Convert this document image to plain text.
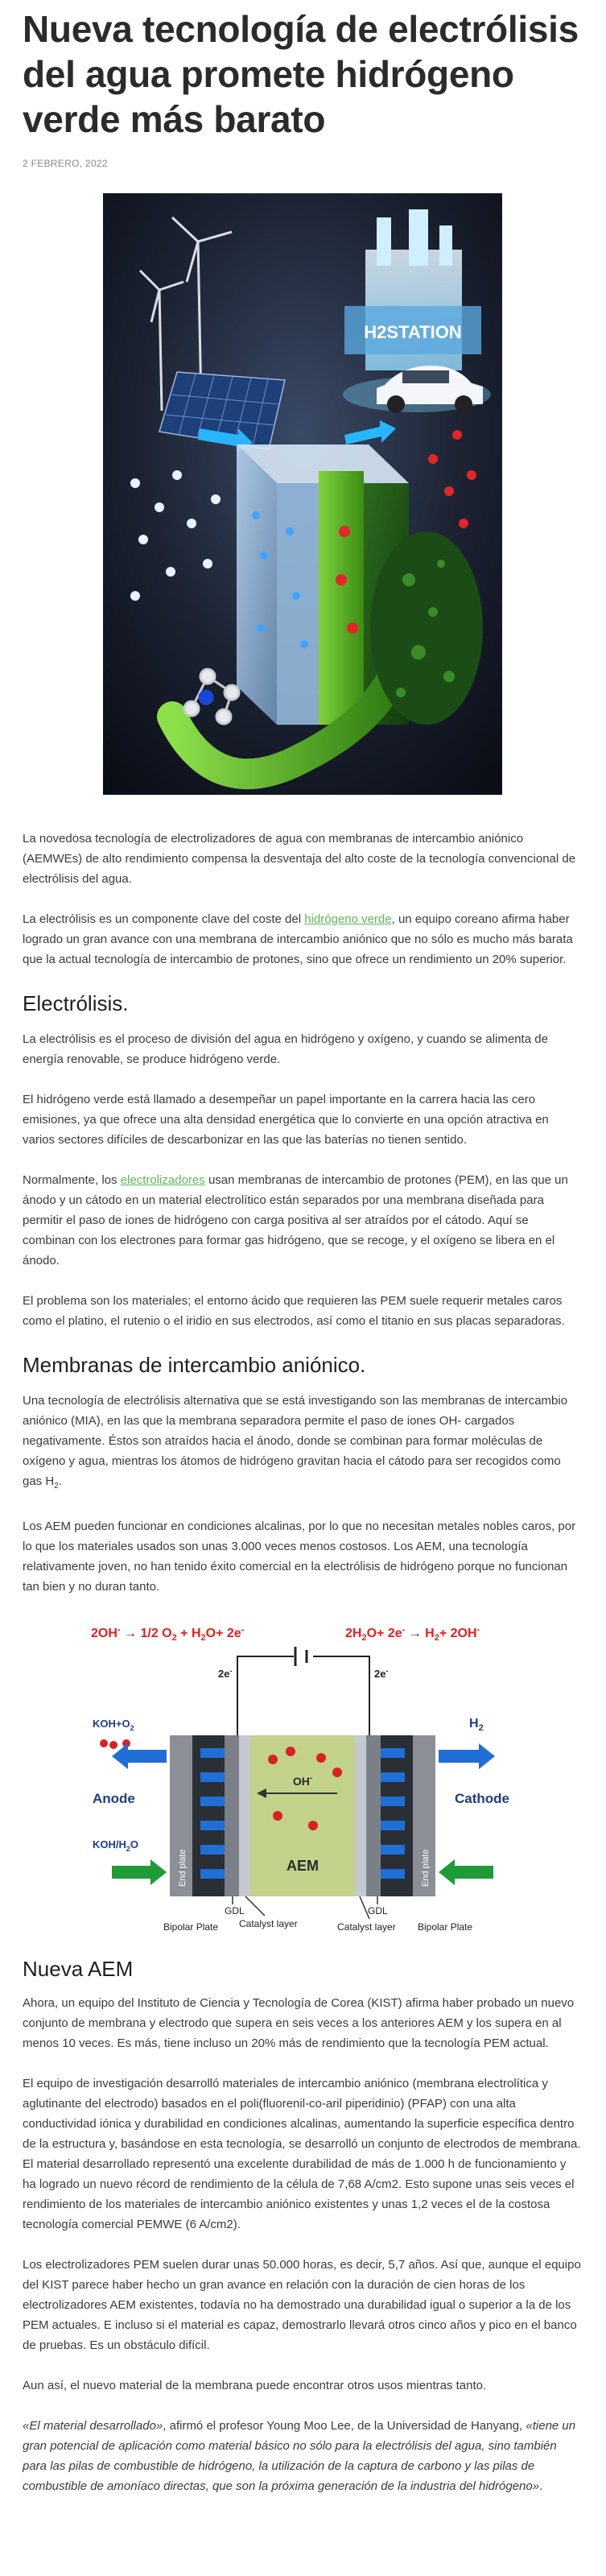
Nueva tecnología de electrólisis del agua promete hidrógeno verde más barato
2 FEBRERO, 2022
H2STATION

La novedosa tecnología de electrolizadores de agua con membranas de intercambio aniónico (AEMWEs) de alto rendimiento compensa la desventaja del alto coste de la tecnología convencional de electrólisis del agua.

La electrólisis es un componente clave del coste del hidrógeno verde, un equipo coreano afirma haber logrado un gran avance con una membrana de intercambio aniónico que no sólo es mucho más barata que la actual tecnología de intercambio de protones, sino que ofrece un rendimiento un 20% superior.

Electrólisis.

La electrólisis es el proceso de división del agua en hidrógeno y oxígeno, y cuando se alimenta de energía renovable, se produce hidrógeno verde.

El hidrógeno verde está llamado a desempeñar un papel importante en la carrera hacia las cero emisiones, ya que ofrece una alta densidad energética que lo convierte en una opción atractiva en varios sectores difíciles de descarbonizar en las que las baterías no tienen sentido.

Normalmente, los electrolizadores usan membranas de intercambio de protones (PEM), en las que un ánodo y un cátodo en un material electrolítico están separados por una membrana diseñada para permitir el paso de iones de hidrógeno con carga positiva al ser atraídos por el cátodo. Aquí se combinan con los electrones para formar gas hidrógeno, que se recoge, y el oxígeno se libera en el ánodo.

El problema son los materiales; el entorno ácido que requieren las PEM suele requerir metales caros como el platino, el rutenio o el iridio en sus electrodos, así como el titanio en sus placas separadoras.

Membranas de intercambio aniónico.

Una tecnología de electrólisis alternativa que se está investigando son las membranas de intercambio aniónico (MIA), en las que la membrana separadora permite el paso de iones OH- cargados negativamente. Éstos son atraídos hacia el ánodo, donde se combinan para formar moléculas de oxígeno y agua, mientras los átomos de hidrógeno gravitan hacia el cátodo para ser recogidos como gas $H_2$.

Los AEM pueden funcionar en condiciones alcalinas, por lo que no necesitan metales nobles caros, por lo que los materiales usados son unas 3.000 veces menos costosos. Los AEM, una tecnología relativamente joven, no han tenido éxito comercial en la electrólisis de hidrógeno porque no funcionan tan bien y no duran tanto.

2OH- → 1/2 $O_2 + H_2O+ 2e^-$	$2H_2O+ 2e^- \to H_2+ 2OH^-$
2e-	2e-
End plate	End plate
OH-
AEM
$KOH+O_2$	$H_2$
Anode	Cathode
KOH/$H_2O$
GDL	GDL
Catalyst layer	Catalyst layer
Bipolar Plate	Bipolar Plate
Nueva AEM

Ahora, un equipo del Instituto de Ciencia y Tecnología de Corea (KIST) afirma haber probado un nuevo conjunto de membrana y electrodo que supera en seis veces a los anteriores AEM y los supera en al menos 10 veces. Es más, tiene incluso un 20% más de rendimiento que la tecnología PEM actual.

El equipo de investigación desarrolló materiales de intercambio aniónico (membrana electrolítica y aglutinante del electrodo) basados en el poli(fluorenil-co-aril piperidinio) (PFAP) con una alta conductividad iónica y durabilidad en condiciones alcalinas, aumentando la superficie específica dentro de la estructura y, basándose en esta tecnología, se desarrolló un conjunto de electrodos de membrana. El material desarrollado representó una excelente durabilidad de más de 1.000 h de funcionamiento y ha logrado un nuevo récord de rendimiento de la célula de 7,68 A/cm2. Esto supone unas seis veces el rendimiento de los materiales de intercambio aniónico existentes y unas 1,2 veces el de la costosa tecnología comercial PEMWE (6 A/cm2).

Los electrolizadores PEM suelen durar unas 50.000 horas, es decir, 5,7 años. Así que, aunque el equipo del KIST parece haber hecho un gran avance en relación con la duración de cien horas de los electrolizadores AEM existentes, todavía no ha demostrado una durabilidad igual o superior a la de los PEM actuales. E incluso si el material es capaz, demostrarlo llevará otros cinco años y pico en el banco de pruebas. Es un obstáculo difícil.

Aun así, el nuevo material de la membrana puede encontrar otros usos mientras tanto.

«El material desarrollado», afirmó el profesor Young Moo Lee, de la Universidad de Hanyang, «tiene un gran potencial de aplicación como material básico no sólo para la electrólisis del agua, sino también para las pilas de combustible de hidrógeno, la utilización de la captura de carbono y las pilas de combustible de amoníaco directas, que son la próxima generación de la industria del hidrógeno».
